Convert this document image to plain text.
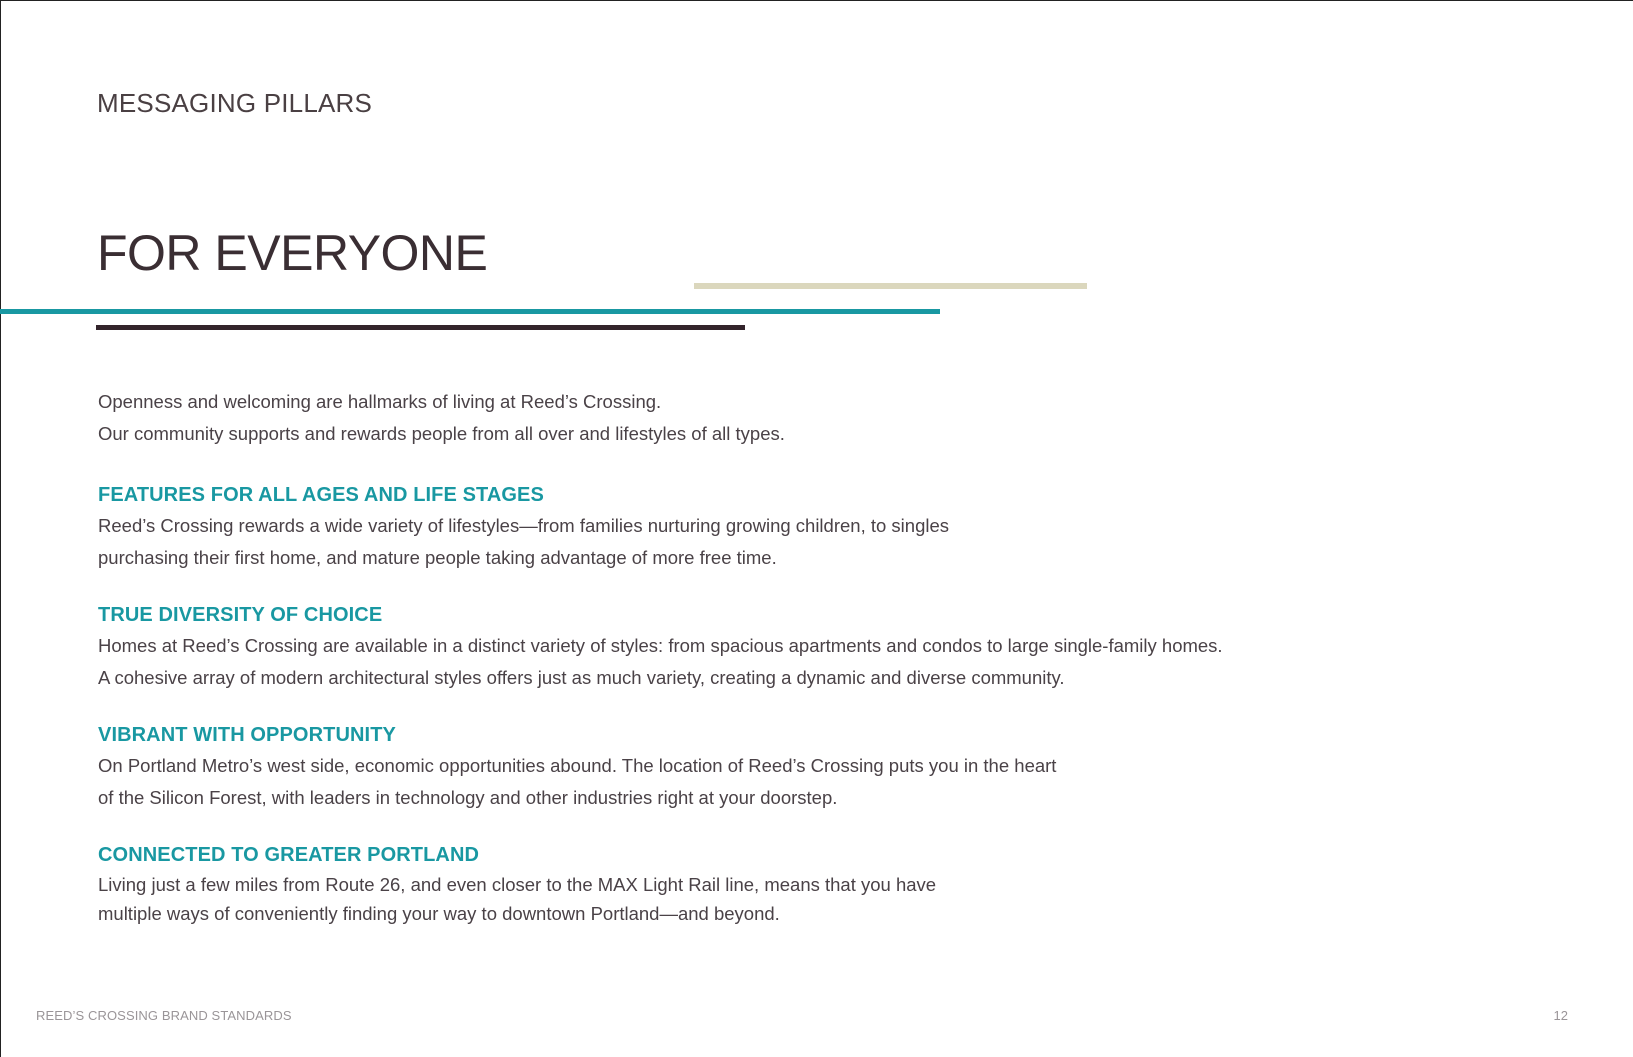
MESSAGING PILLARS
FOR EVERYONE

Openness and welcoming are hallmarks of living at Reed’s Crossing.

Our community supports and rewards people from all over and lifestyles of all types.

FEATURES FOR ALL AGES AND LIFE STAGES

Reed’s Crossing rewards a wide variety of lifestyles—from families nurturing growing children, to singles

purchasing their first home, and mature people taking advantage of more free time.

TRUE DIVERSITY OF CHOICE

Homes at Reed’s Crossing are available in a distinct variety of styles: from spacious apartments and condos to large single-family homes.

A cohesive array of modern architectural styles offers just as much variety, creating a dynamic and diverse community.

VIBRANT WITH OPPORTUNITY

On Portland Metro’s west side, economic opportunities abound. The location of Reed’s Crossing puts you in the heart

of the Silicon Forest, with leaders in technology and other industries right at your doorstep.

CONNECTED TO GREATER PORTLAND

Living just a few miles from Route 26, and even closer to the MAX Light Rail line, means that you have

multiple ways of conveniently finding your way to downtown Portland—and beyond.

REED’S CROSSING BRAND STANDARDS	12
